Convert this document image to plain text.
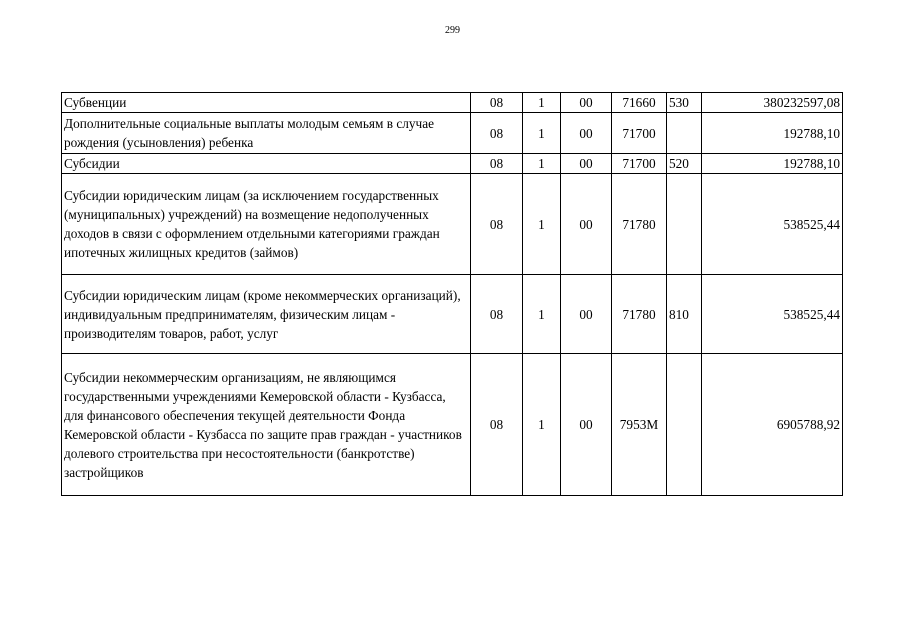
299
Субвенции	08	1	00	71660	530	380232597,08
Дополнительные социальные выплаты молодым семьям в случае рождения (усыновления) ребенка	08	1	00	71700		192788,10
Субсидии	08	1	00	71700	520	192788,10
Субсидии юридическим лицам (за исключением государственных (муниципальных) учреждений) на возмещение недополученных доходов в связи с оформлением отдельными категориями граждан ипотечных жилищных кредитов (займов)	08	1	00	71780		538525,44
Субсидии юридическим лицам (кроме некоммерческих организаций), индивидуальным предпринимателям, физическим лицам - производителям товаров, работ, услуг	08	1	00	71780	810	538525,44
Субсидии некоммерческим организациям, не являющимся государственными учреждениями Кемеровской области - Кузбасса, для финансового обеспечения текущей деятельности Фонда Кемеровской области - Кузбасса по защите прав граждан - участников долевого строительства при несостоятельности (банкротстве) застройщиков	08	1	00	7953М		6905788,92
